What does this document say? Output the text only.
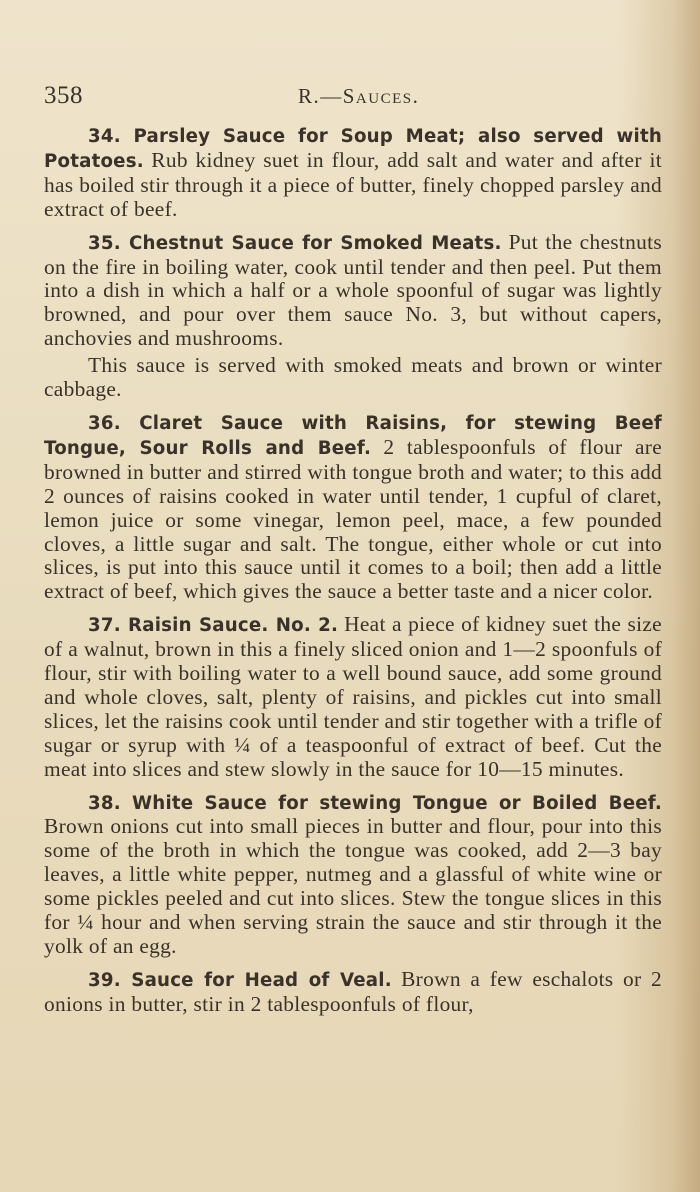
358	R.—Sauces.

34. Parsley Sauce for Soup Meat; also served with Potatoes. Rub kidney suet in flour, add salt and water and after it has boiled stir through it a piece of butter, finely chopped parsley and extract of beef.

35. Chestnut Sauce for Smoked Meats. Put the chestnuts on the fire in boiling water, cook until tender and then peel. Put them into a dish in which a half or a whole spoonful of sugar was lightly browned, and pour over them sauce No. 3, but without capers, anchovies and mushrooms.

This sauce is served with smoked meats and brown or winter cabbage.

36. Claret Sauce with Raisins, for stewing Beef Tongue, Sour Rolls and Beef. 2 tablespoonfuls of flour are browned in butter and stirred with tongue broth and water; to this add 2 ounces of raisins cooked in water until tender, 1 cupful of claret, lemon juice or some vinegar, lemon peel, mace, a few pounded cloves, a little sugar and salt. The tongue, either whole or cut into slices, is put into this sauce until it comes to a boil; then add a little extract of beef, which gives the sauce a better taste and a nicer color.

37. Raisin Sauce. No. 2. Heat a piece of kidney suet the size of a walnut, brown in this a finely sliced onion and 1—2 spoonfuls of flour, stir with boiling water to a well bound sauce, add some ground and whole cloves, salt, plenty of raisins, and pickles cut into small slices, let the raisins cook until tender and stir together with a trifle of sugar or syrup with ¼ of a teaspoonful of extract of beef. Cut the meat into slices and stew slowly in the sauce for 10—15 minutes.

38. White Sauce for stewing Tongue or Boiled Beef. Brown onions cut into small pieces in butter and flour, pour into this some of the broth in which the tongue was cooked, add 2—3 bay leaves, a little white pepper, nutmeg and a glassful of white wine or some pickles peeled and cut into slices. Stew the tongue slices in this for ¼ hour and when serving strain the sauce and stir through it the yolk of an egg.

39. Sauce for Head of Veal. Brown a few eschalots or 2 onions in butter, stir in 2 tablespoonfuls of flour,
